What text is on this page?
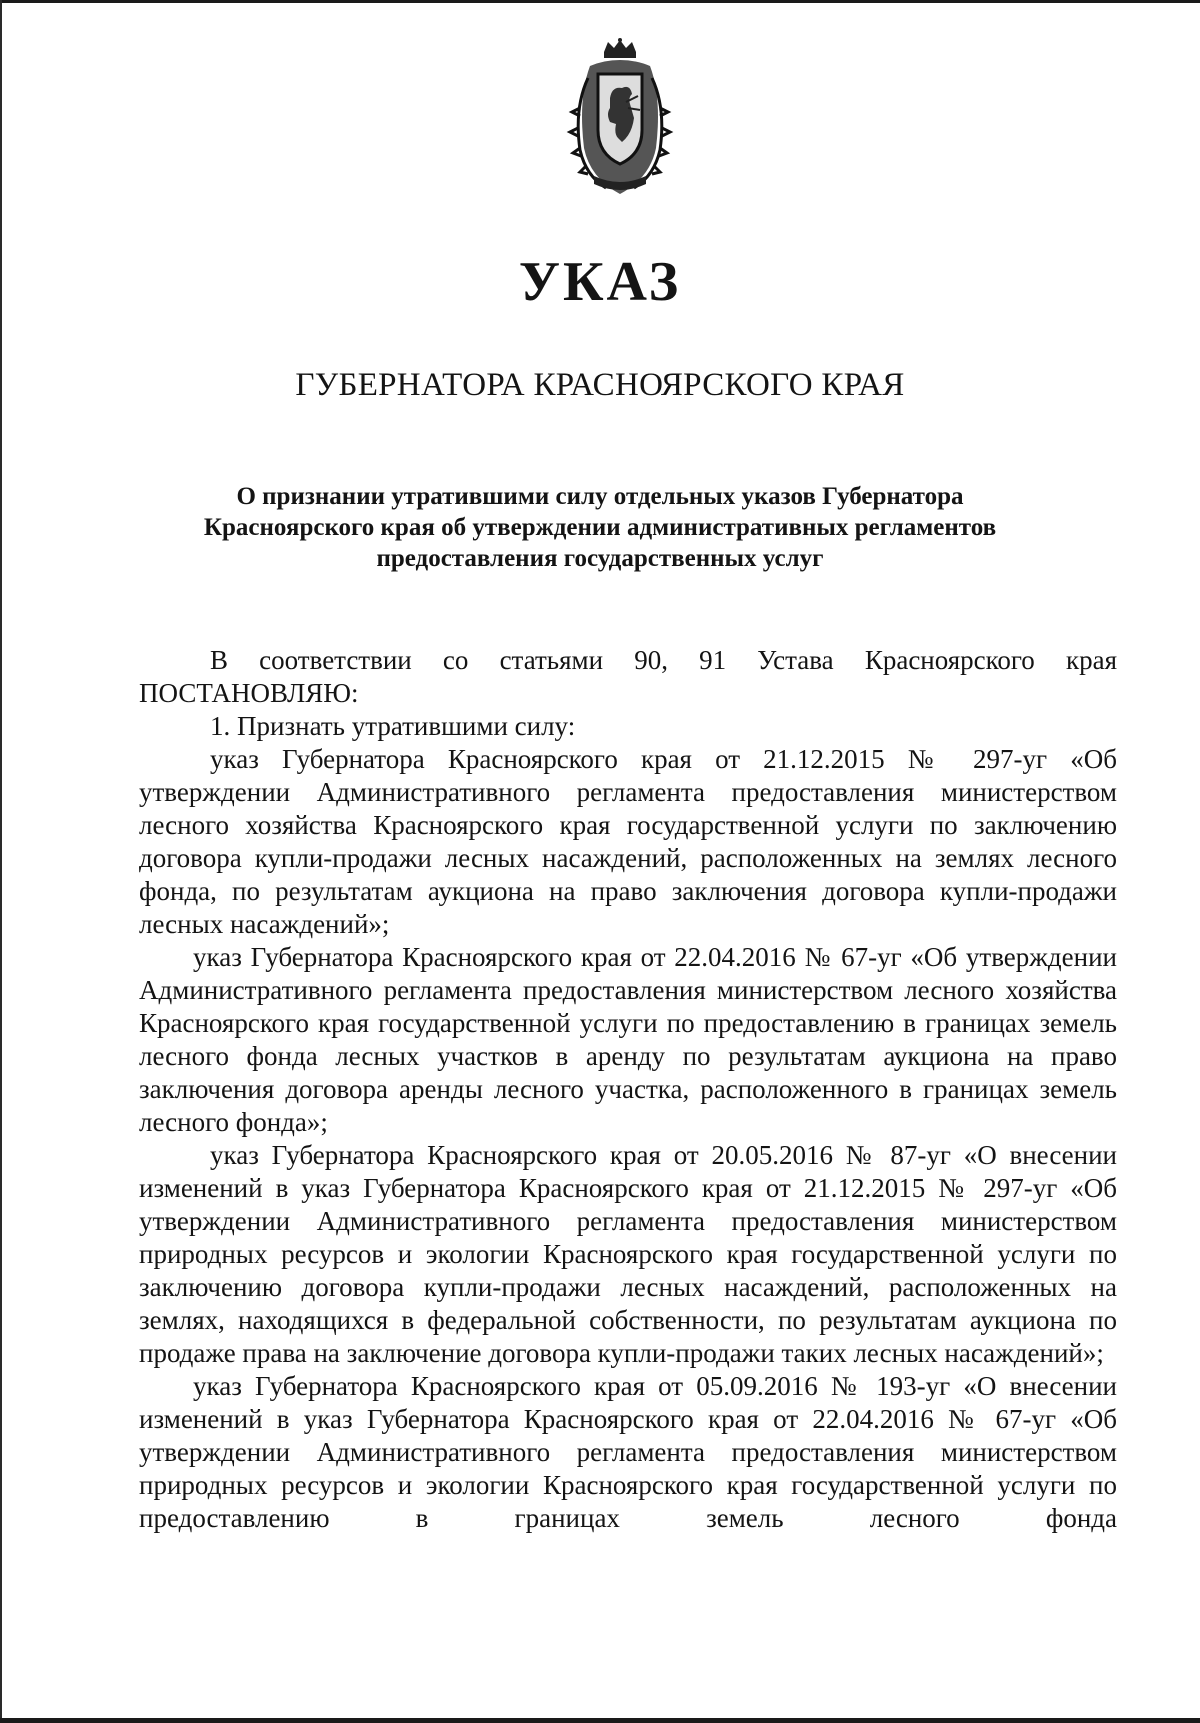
УКАЗ
ГУБЕРНАТОРА КРАСНОЯРСКОГО КРАЯ
О признании утратившими силу отдельных указов Губернатора Красноярского края об утверждении административных регламентов предоставления государственных услуг

В соответствии со статьями 90, 91 Устава Красноярского края

ПОСТАНОВЛЯЮ:

1. Признать утратившими силу:

указ Губернатора Красноярского края от 21.12.2015 № 297-уг «Об утверждении Административного регламента предоставления министерством лесного хозяйства Красноярского края государственной услуги по заключению договора купли-продажи лесных насаждений, расположенных на землях лесного фонда, по результатам аукциона на право заключения договора купли-продажи лесных насаждений»;

указ Губернатора Красноярского края от 22.04.2016 № 67-уг «Об утверждении Административного регламента предоставления министерством лесного хозяйства Красноярского края государственной услуги по предоставлению в границах земель лесного фонда лесных участков в аренду по результатам аукциона на право заключения договора аренды лесного участка, расположенного в границах земель лесного фонда»;

указ Губернатора Красноярского края от 20.05.2016 № 87-уг «О внесении изменений в указ Губернатора Красноярского края от 21.12.2015 № 297-уг «Об утверждении Административного регламента предоставления министерством природных ресурсов и экологии Красноярского края государственной услуги по заключению договора купли-продажи лесных насаждений, расположенных на землях, находящихся в федеральной собственности, по результатам аукциона по продаже права на заключение договора купли-продажи таких лесных насаждений»;

указ Губернатора Красноярского края от 05.09.2016 № 193-уг «О внесении изменений в указ Губернатора Красноярского края от 22.04.2016 № 67-уг «Об утверждении Административного регламента предоставления министерством природных ресурсов и экологии Красноярского края государственной услуги по предоставлению в границах земель лесного фонда
